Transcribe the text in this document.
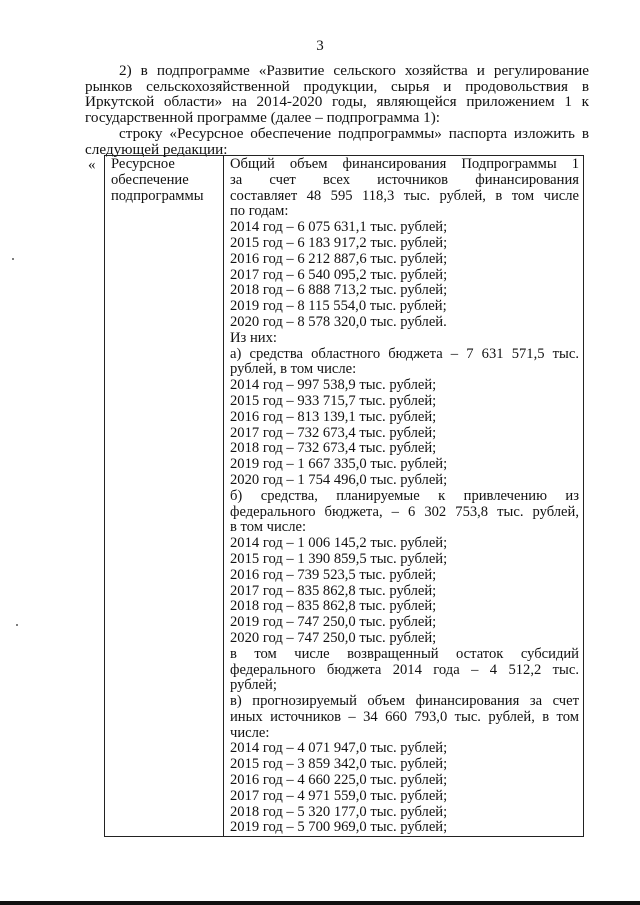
3

2) в подпрограмме «Развитие сельского хозяйства и регулирование рынков сельскохозяйственной продукции, сырья и продовольствия в Иркутской области» на 2014-2020 годы, являющейся приложением 1 к государственной программе (далее – подпрограмма 1):

строку «Ресурсное обеспечение подпрограммы» паспорта изложить в следующей редакции:

« Ресурсное обеспечение подпрограммы	
Общий объем финансирования Подпрограммы 1
за счет всех источников финансирования
составляет 48 595 118,3 тыс. рублей, в том числе
по годам:
2014 год – 6 075 631,1 тыс. рублей;
2015 год – 6 183 917,2 тыс. рублей;
2016 год – 6 212 887,6 тыс. рублей;
2017 год – 6 540 095,2 тыс. рублей;
2018 год – 6 888 713,2 тыс. рублей;
2019 год – 8 115 554,0 тыс. рублей;
2020 год – 8 578 320,0 тыс. рублей.
Из них:
а) средства областного бюджета – 7 631 571,5 тыс.
рублей, в том числе:
2014 год – 997 538,9 тыс. рублей;
2015 год – 933 715,7 тыс. рублей;
2016 год – 813 139,1 тыс. рублей;
2017 год – 732 673,4 тыс. рублей;
2018 год – 732 673,4 тыс. рублей;
2019 год – 1 667 335,0 тыс. рублей;
2020 год – 1 754 496,0 тыс. рублей;
б) средства, планируемые к привлечению из
федерального бюджета, – 6 302 753,8 тыс. рублей,
в том числе:
2014 год – 1 006 145,2 тыс. рублей;
2015 год – 1 390 859,5 тыс. рублей;
2016 год – 739 523,5 тыс. рублей;
2017 год – 835 862,8 тыс. рублей;
2018 год – 835 862,8 тыс. рублей;
2019 год – 747 250,0 тыс. рублей;
2020 год – 747 250,0 тыс. рублей;
в том числе возвращенный остаток субсидий
федерального бюджета 2014 года – 4 512,2 тыс.
рублей;
в) прогнозируемый объем финансирования за счет
иных источников – 34 660 793,0 тыс. рублей, в том
числе:
2014 год – 4 071 947,0 тыс. рублей;
2015 год – 3 859 342,0 тыс. рублей;
2016 год – 4 660 225,0 тыс. рублей;
2017 год – 4 971 559,0 тыс. рублей;
2018 год – 5 320 177,0 тыс. рублей;
2019 год – 5 700 969,0 тыс. рублей;
